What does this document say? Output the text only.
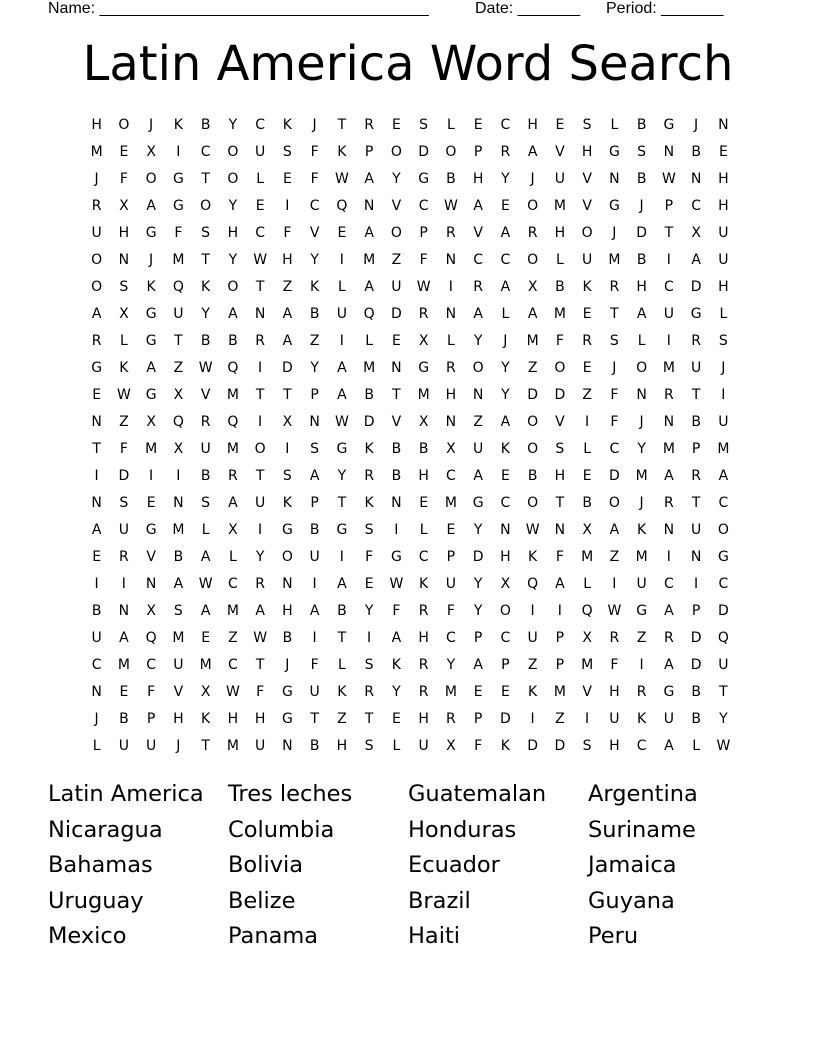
Name: _____________________________________	Date: _______ Period: _______
Latin America Word Search
H	O	J	K	B	Y	C	K	J	T	R	E	S	L	E	C	H	E	S	L	B	G	J	N
M	E	X	I	C	O	U	S	F	K	P	O	D	O	P	R	A	V	H	G	S	N	B	E
J	F	O	G	T	O	L	E	F	W	A	Y	G	B	H	Y	J	U	V	N	B	W	N	H
R	X	A	G	O	Y	E	I	C	Q	N	V	C	W	A	E	O	M	V	G	J	P	C	H
U	H	G	F	S	H	C	F	V	E	A	O	P	R	V	A	R	H	O	J	D	T	X	U
O	N	J	M	T	Y	W	H	Y	I	M	Z	F	N	C	C	O	L	U	M	B	I	A	U
O	S	K	Q	K	O	T	Z	K	L	A	U	W	I	R	A	X	B	K	R	H	C	D	H
A	X	G	U	Y	A	N	A	B	U	Q	D	R	N	A	L	A	M	E	T	A	U	G	L
R	L	G	T	B	B	R	A	Z	I	L	E	X	L	Y	J	M	F	R	S	L	I	R	S
G	K	A	Z	W	Q	I	D	Y	A	M	N	G	R	O	Y	Z	O	E	J	O	M	U	J
E	W	G	X	V	M	T	T	P	A	B	T	M	H	N	Y	D	D	Z	F	N	R	T	I
N	Z	X	Q	R	Q	I	X	N	W	D	V	X	N	Z	A	O	V	I	F	J	N	B	U
T	F	M	X	U	M	O	I	S	G	K	B	B	X	U	K	O	S	L	C	Y	M	P	M
I	D	I	I	B	R	T	S	A	Y	R	B	H	C	A	E	B	H	E	D	M	A	R	A
N	S	E	N	S	A	U	K	P	T	K	N	E	M	G	C	O	T	B	O	J	R	T	C
A	U	G	M	L	X	I	G	B	G	S	I	L	E	Y	N	W	N	X	A	K	N	U	O
E	R	V	B	A	L	Y	O	U	I	F	G	C	P	D	H	K	F	M	Z	M	I	N	G
I	I	N	A	W	C	R	N	I	A	E	W	K	U	Y	X	Q	A	L	I	U	C	I	C
B	N	X	S	A	M	A	H	A	B	Y	F	R	F	Y	O	I	I	Q	W	G	A	P	D
U	A	Q	M	E	Z	W	B	I	T	I	A	H	C	P	C	U	P	X	R	Z	R	D	Q
C	M	C	U	M	C	T	J	F	L	S	K	R	Y	A	P	Z	P	M	F	I	A	D	U
N	E	F	V	X	W	F	G	U	K	R	Y	R	M	E	E	K	M	V	H	R	G	B	T
J	B	P	H	K	H	H	G	T	Z	T	E	H	R	P	D	I	Z	I	U	K	U	B	Y
L	U	U	J	T	M	U	N	B	H	S	L	U	X	F	K	D	D	S	H	C	A	L	W
Latin America	Tres leches	Guatemalan	Argentina
Nicaragua	Columbia	Honduras	Suriname
Bahamas	Bolivia	Ecuador	Jamaica
Uruguay	Belize	Brazil	Guyana
Mexico	Panama	Haiti	Peru
